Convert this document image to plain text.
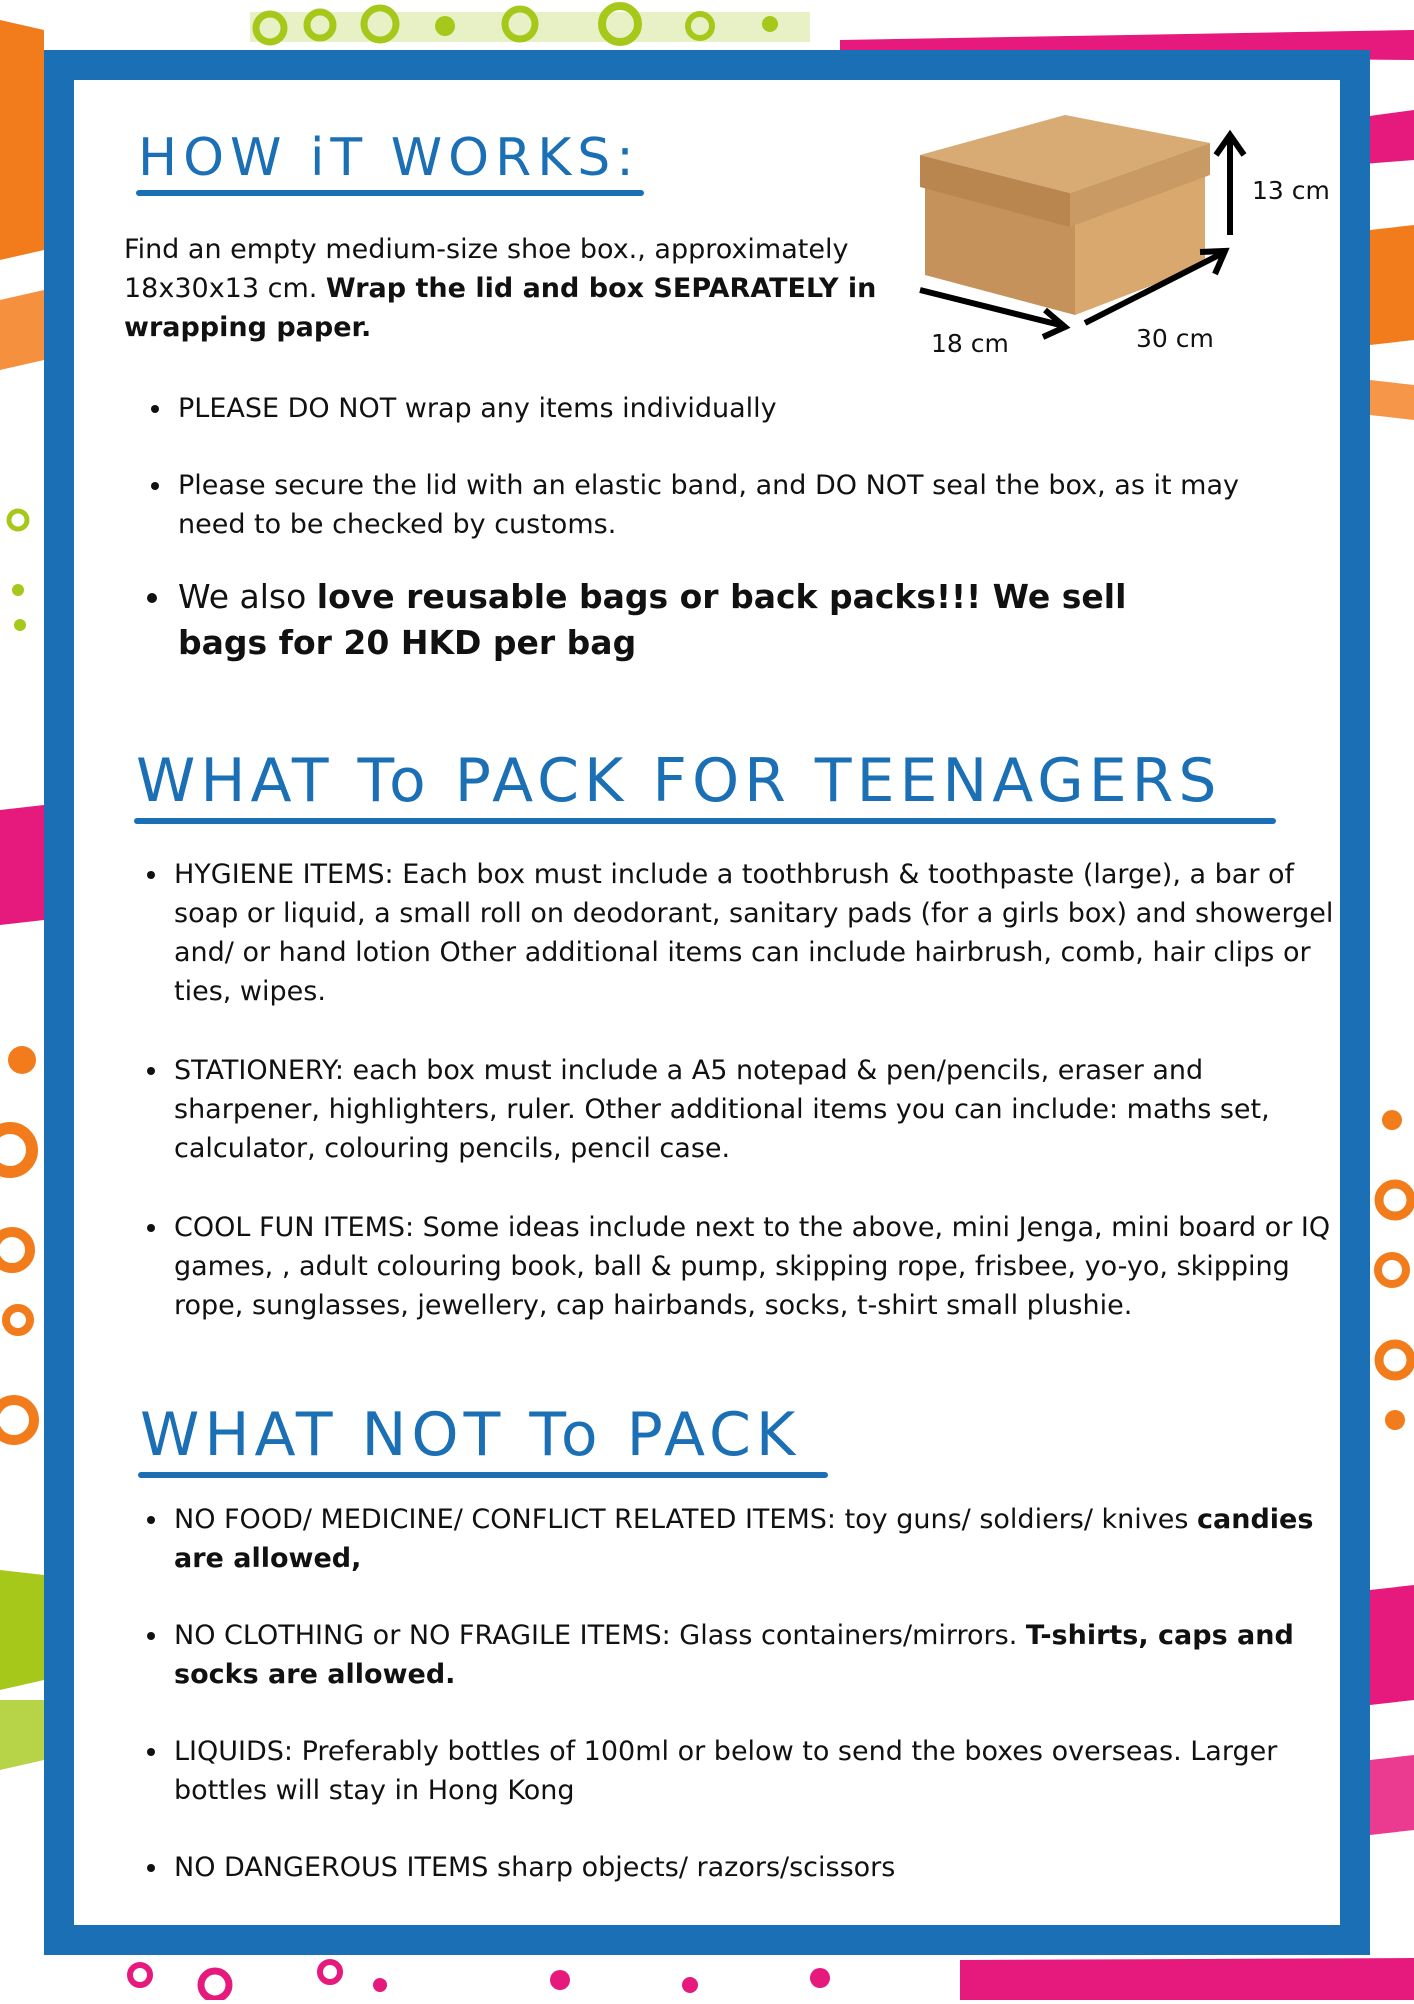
HOW iT WORKS:

Find an empty medium-size shoe box., approximately 18x30x13 cm. Wrap the lid and box SEPARATELY in wrapping paper.

13 cm
18 cm	30 cm
• PLEASE DO NOT wrap any items individually
• Please secure the lid with an elastic band, and DO NOT seal the box, as it may need to be checked by customs.
• We also love reusable bags or back packs!!! We sell bags for 20 HKD per bag
WHAT To PACK FOR TEENAGERS
• HYGIENE ITEMS: Each box must include a toothbrush & toothpaste (large), a bar of soap or liquid, a small roll on deodorant, sanitary pads (for a girls box) and showergel and/ or hand lotion Other additional items can include hairbrush, comb, hair clips or ties, wipes.
• STATIONERY: each box must include a A5 notepad & pen/pencils, eraser and sharpener, highlighters, ruler. Other additional items you can include: maths set, calculator, colouring pencils, pencil case.
• COOL FUN ITEMS: Some ideas include next to the above, mini Jenga, mini board or IQ games, , adult colouring book, ball & pump, skipping rope, frisbee, yo-yo, skipping rope, sunglasses, jewellery, cap hairbands, socks, t-shirt small plushie.
WHAT NOT To PACK
• NO FOOD/ MEDICINE/ CONFLICT RELATED ITEMS: toy guns/ soldiers/ knives candies are allowed,
• NO CLOTHING or NO FRAGILE ITEMS: Glass containers/mirrors. T-shirts, caps and socks are allowed.
• LIQUIDS: Preferably bottles of 100ml or below to send the boxes overseas. Larger bottles will stay in Hong Kong
• NO DANGEROUS ITEMS sharp objects/ razors/scissors
